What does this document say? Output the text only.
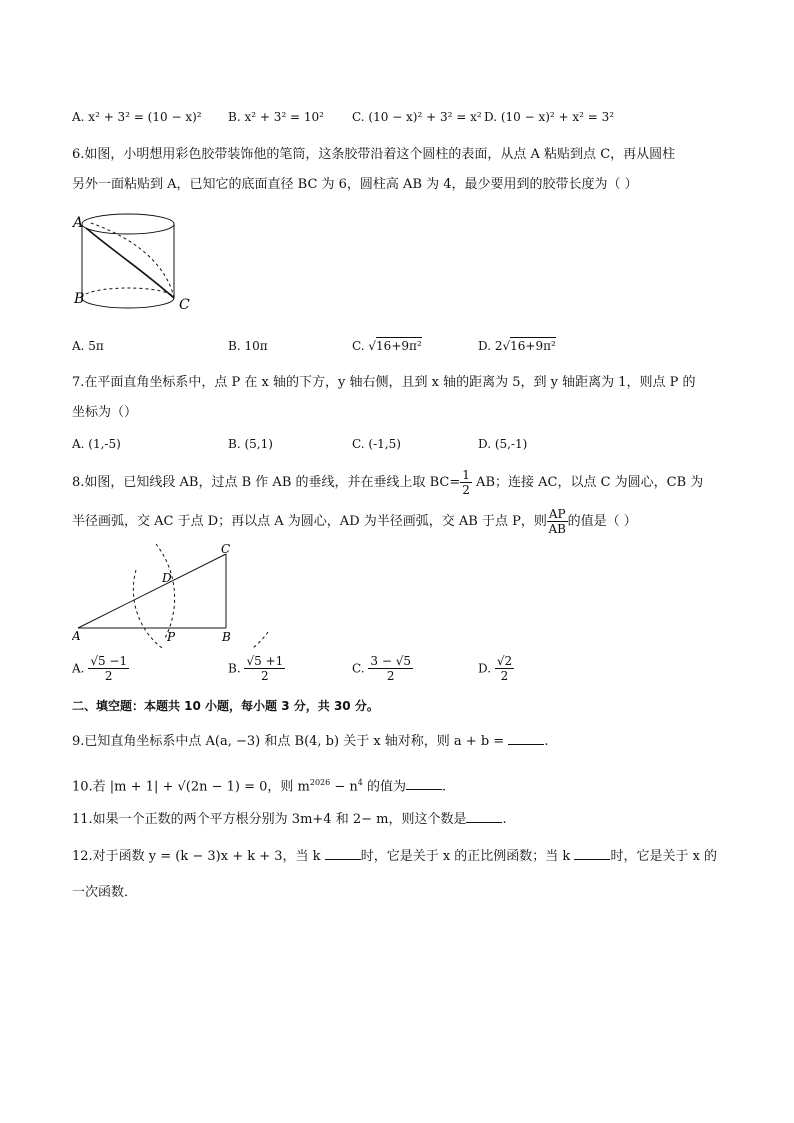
A. x² + 3² = (10 − x)² B. x² + 3² = 10² C. (10 − x)² + 3² = x² D. (10 − x)² + x² = 3²
6.如图，小明想用彩色胶带装饰他的笔筒，这条胶带沿着这个圆柱的表面，从点 A 粘贴到点 C，再从圆柱
另外一面粘贴到 A，已知它的底面直径 BC 为 6，圆柱高 AB 为 4，最少要用到的胶带长度为（ ）
A
B	C
A. 5π	B. 10π	C. √16+9π²	D. 2√16+9π²
7.在平面直角坐标系中，点 P 在 x 轴的下方，y 轴右侧，且到 x 轴的距离为 5，到 y 轴距离为 1，则点 P 的
坐标为（）
A. (1,-5)	B. (5,1)	C. (-1,5)	D. (5,-1)
8.如图，已知线段 AB，过点 B 作 AB 的垂线，并在垂线上取 $BC= \frac{1}{2}$ AB；连接 AC，以点 C 为圆心，CB 为
半径画弧，交 AC 于点 D；再以点 A 为圆心，AD 为半径画弧，交 AB 于点 P，则 $\frac{AP}{AB}$ 的值是（ ）
A	B
C
D
P
A. $\frac{√5 -1}{2}$	B. $\frac{√5 +1}{2}$	C. $\frac{3 - √5}{2}$	D. $\frac{√2}{2}$
二、填空题：本题共 10 小题，每小题 3 分，共 30 分。
9.已知直角坐标系中点 A(a, −3) 和点 B(4, b) 关于 x 轴对称，则 a + b =	.
10.若 |m + 1| + √(2n − 1) = 0，则 $m^{2026} - n^4$ 的值为	.
11.如果一个正数的两个平方根分别为 3m+4 和 2− m，则这个数是	.
12.对于函数 y = (k − 3)x + k + 3，当 k	时，它是关于 x 的正比例函数；当 k	时，它是关于 x 的
一次函数．
